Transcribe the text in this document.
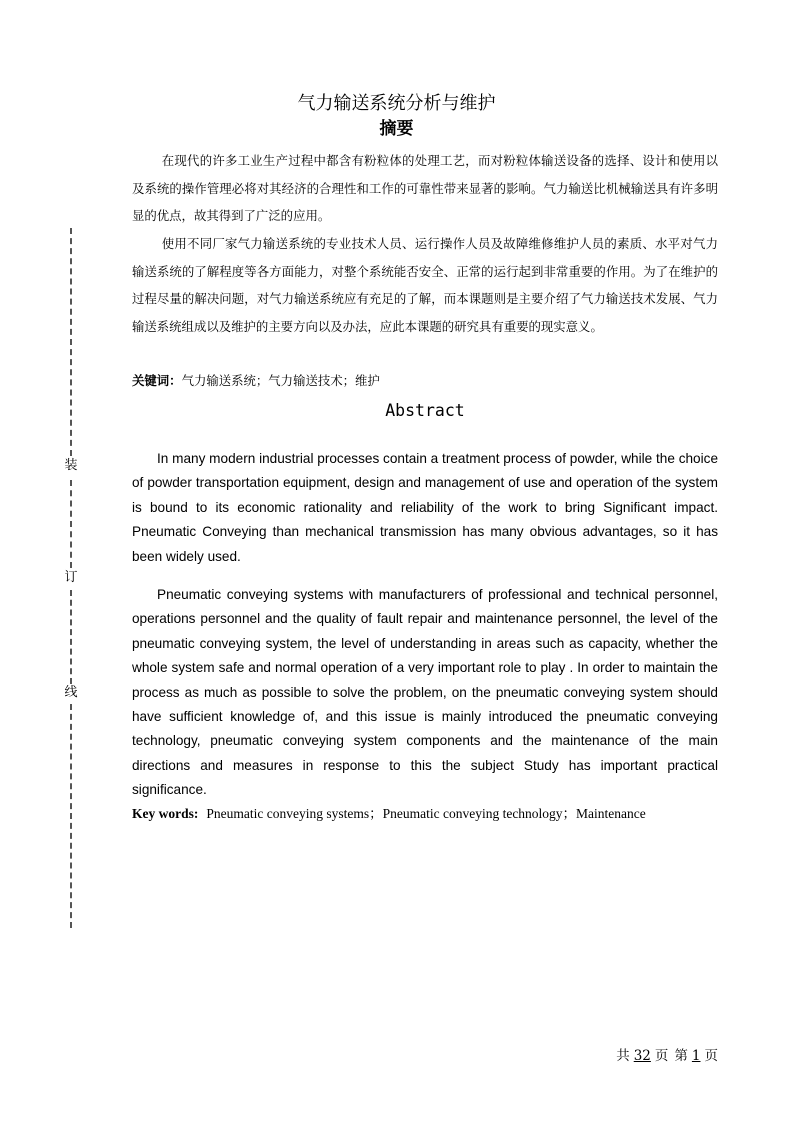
装
订
线
气力输送系统分析与维护
摘要

在现代的许多工业生产过程中都含有粉粒体的处理工艺，而对粉粒体输送设备的选择、设计和使用以及系统的操作管理必将对其经济的合理性和工作的可靠性带来显著的影响。气力输送比机械输送具有许多明显的优点，故其得到了广泛的应用。

使用不同厂家气力输送系统的专业技术人员、运行操作人员及故障维修维护人员的素质、水平对气力输送系统的了解程度等各方面能力，对整个系统能否安全、正常的运行起到非常重要的作用。为了在维护的过程尽量的解决问题，对气力输送系统应有充足的了解，而本课题则是主要介绍了气力输送技术发展、气力输送系统组成以及维护的主要方向以及办法，应此本课题的研究具有重要的现实意义。

关键词：气力输送系统；气力输送技术；维护
Abstract

In many modern industrial processes contain a treatment process of powder, while the choice of powder transportation equipment, design and management of use and operation of the system is bound to its economic rationality and reliability of the work to bring Significant impact. Pneumatic Conveying than mechanical transmission has many obvious advantages, so it has been widely used.

Pneumatic conveying systems with manufacturers of professional and technical personnel, operations personnel and the quality of fault repair and maintenance personnel, the level of the pneumatic conveying system, the level of understanding in areas such as capacity, whether the whole system safe and normal operation of a very important role to play . In order to maintain the process as much as possible to solve the problem, on the pneumatic conveying system should have sufficient knowledge of, and this issue is mainly introduced the pneumatic conveying technology, pneumatic conveying system components and the maintenance of the main directions and measures in response to this the subject Study has important practical significance.

Key words: Pneumatic conveying systems；Pneumatic conveying technology；Maintenance
共 32 页 第 1 页
